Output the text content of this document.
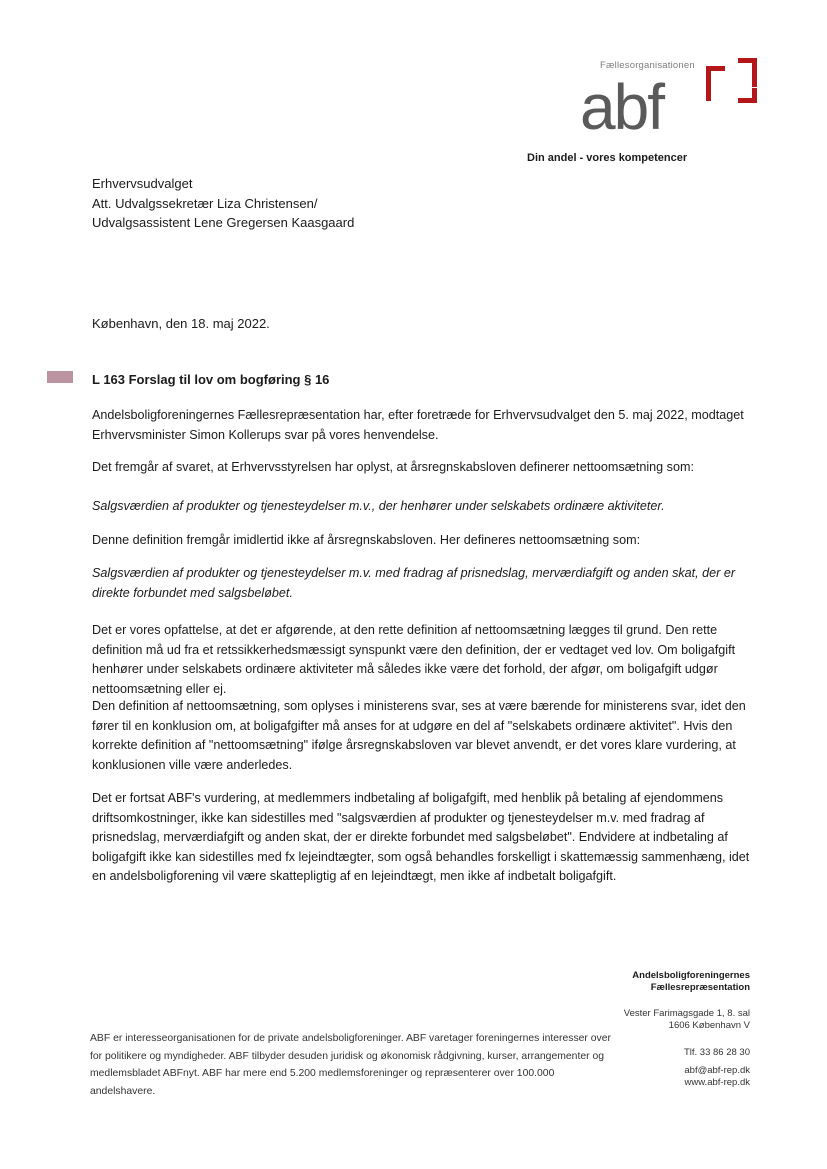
Fællesorganisationen
abf
Din andel - vores kompetencer
Erhvervsudvalget
Att. Udvalgssekretær Liza Christensen/
Udvalgsassistent Lene Gregersen Kaasgaard
København, den 18. maj 2022.
L 163 Forslag til lov om bogføring § 16
Andelsboligforeningernes Fællesrepræsentation har, efter foretræde for Erhvervsudvalget den 5. maj 2022, modtaget Erhvervsminister Simon Kollerups svar på vores henvendelse.
Det fremgår af svaret, at Erhvervsstyrelsen har oplyst, at årsregnskabsloven definerer nettoomsætning som:
Salgsværdien af produkter og tjenesteydelser m.v., der henhører under selskabets ordinære aktiviteter.
Denne definition fremgår imidlertid ikke af årsregnskabsloven. Her defineres nettoomsætning som:
Salgsværdien af produkter og tjenesteydelser m.v. med fradrag af prisnedslag, merværdiafgift og anden skat, der er direkte forbundet med salgsbeløbet.
Det er vores opfattelse, at det er afgørende, at den rette definition af nettoomsætning lægges til grund. Den rette definition må ud fra et retssikkerhedsmæssigt synspunkt være den definition, der er vedtaget ved lov. Om boligafgift henhører under selskabets ordinære aktiviteter må således ikke være det forhold, der afgør, om boligafgift udgør nettoomsætning eller ej.
Den definition af nettoomsætning, som oplyses i ministerens svar, ses at være bærende for ministerens svar, idet den fører til en konklusion om, at boligafgifter må anses for at udgøre en del af "selskabets ordinære aktivitet". Hvis den korrekte definition af "nettoomsætning" ifølge årsregnskabsloven var blevet anvendt, er det vores klare vurdering, at konklusionen ville være anderledes.
Det er fortsat ABF's vurdering, at medlemmers indbetaling af boligafgift, med henblik på betaling af ejendommens driftsomkostninger, ikke kan sidestilles med "salgsværdien af produkter og tjenesteydelser m.v. med fradrag af prisnedslag, merværdiafgift og anden skat, der er direkte forbundet med salgsbeløbet". Endvidere at indbetaling af boligafgift ikke kan sidestilles med fx lejeindtægter, som også behandles forskelligt i skattemæssig sammenhæng, idet en andelsboligforening vil være skattepligtig af en lejeindtægt, men ikke af indbetalt boligafgift.
Andelsboligforeningernes
Fællesrepræsentation
Vester Farimagsgade 1, 8. sal
1606 København V
Tlf. 33 86 28 30
abf@abf-rep.dk
www.abf-rep.dk
ABF er interesseorganisationen for de private andelsboligforeninger. ABF varetager foreningernes interesser over for politikere og myndigheder. ABF tilbyder desuden juridisk og økonomisk rådgivning, kurser, arrangementer og medlemsbladet ABFnyt. ABF har mere end 5.200 medlemsforeninger og repræsenterer over 100.000 andelshavere.
